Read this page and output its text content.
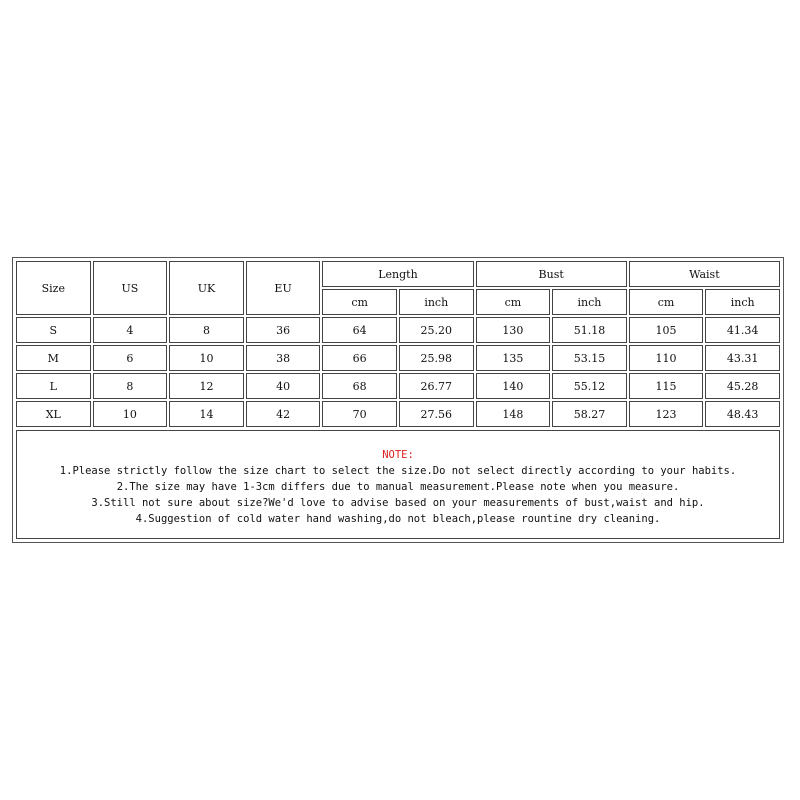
Size	US	UK	EU	Length		Bust		Waist	
				cm	inch	cm	inch	cm	inch
S	4	8	36	64	25.20	130	51.18	105	41.34
M	6	10	38	66	25.98	135	53.15	110	43.31
L	8	12	40	68	26.77	140	55.12	115	45.28
XL	10	14	42	70	27.56	148	58.27	123	48.43
NOTE:
1.Please strictly follow the size chart to select the size.Do not select directly according to your habits.
2.The size may have 1-3cm differs due to manual measurement.Please note when you measure.
3.Still not sure about size?We'd love to advise based on your measurements of bust,waist and hip.
4.Suggestion of cold water hand washing,do not bleach,please rountine dry cleaning.
